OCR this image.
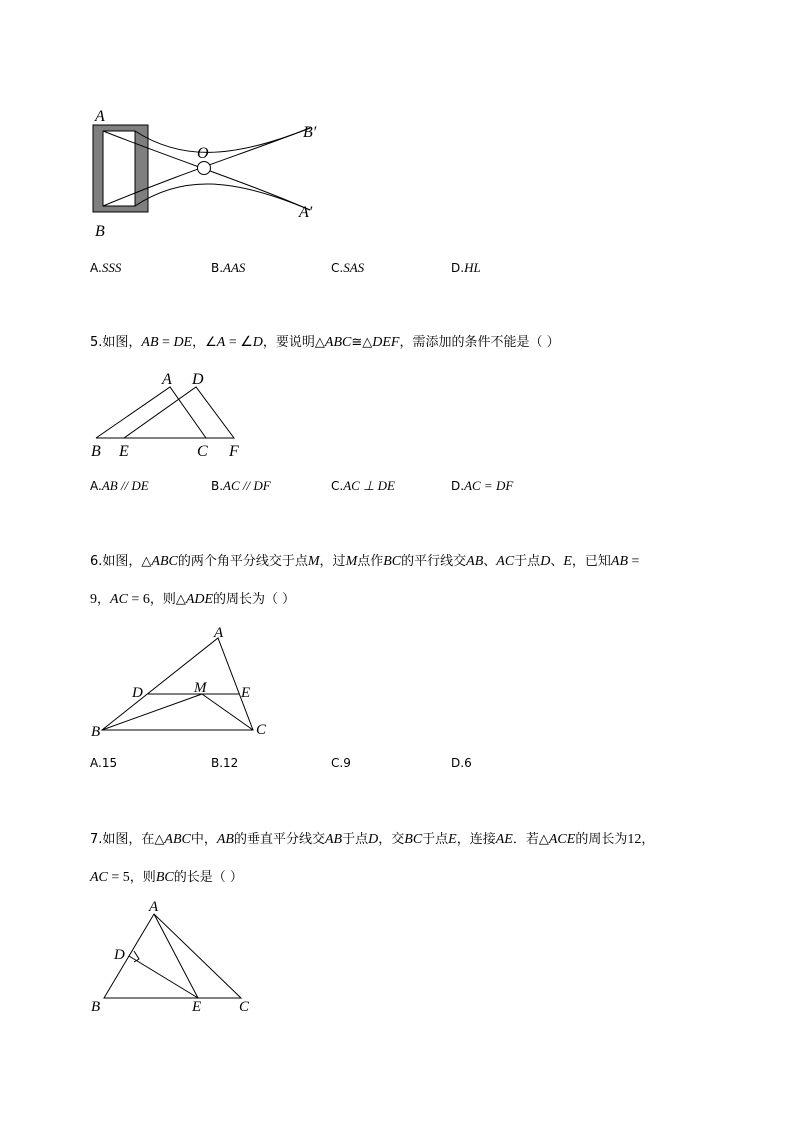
A
B
O
B′
A′
A.SSS	B.AAS	C.SAS	D.HL
5.如图，AB = DE，∠A = ∠D，要说明△ABC≅△DEF，需添加的条件不能是（ ）
A D
B E	C F
A.AB // DE	B.AC // DF	C.AC ⊥ DE	D.AC = DF
6.如图，△ABC的两个角平分线交于点M，过M点作BC的平行线交AB、AC于点D、E，已知AB =
9，AC = 6，则△ADE的周长为（ ）
A
D	M E
B	C
A.15	B.12	C.9	D.6
7.如图，在△ABC中，AB的垂直平分线交AB于点D，交BC于点E，连接AE．若△ACE的周长为12，
AC = 5，则BC的长是（ ）
A
D
B	E	C
